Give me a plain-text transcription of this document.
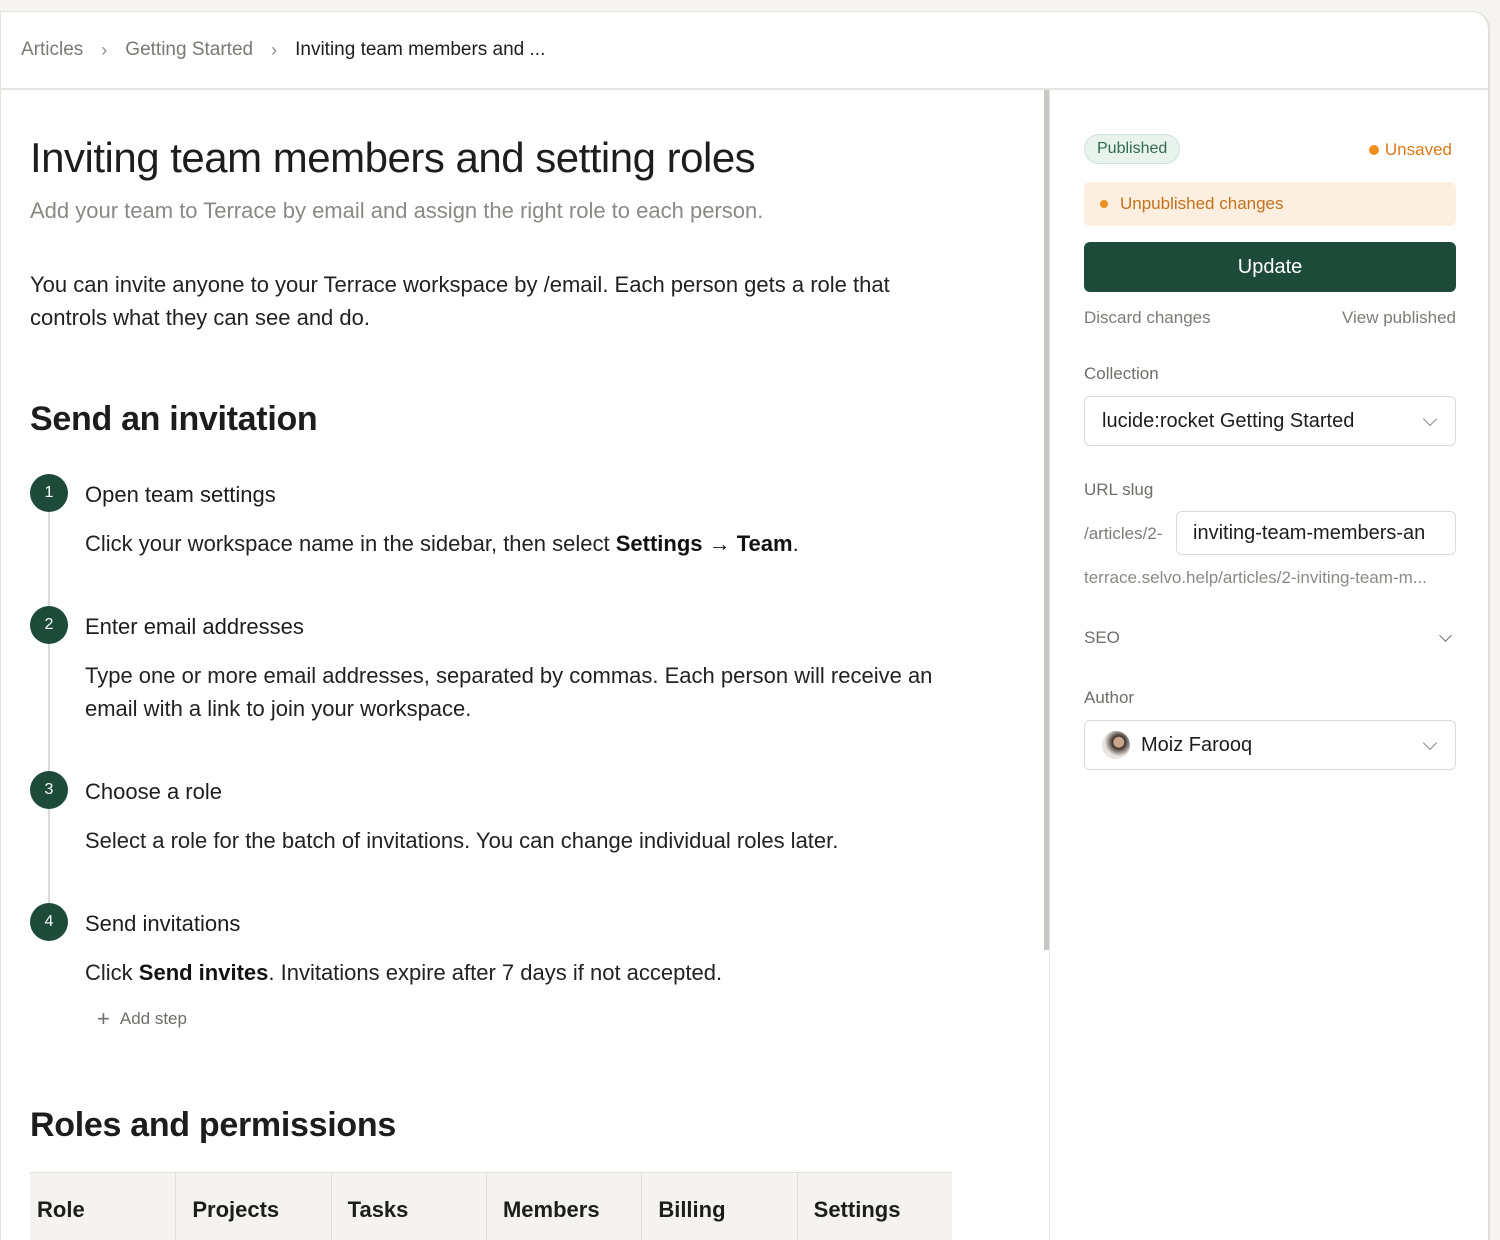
Articles › Getting Started › Inviting team members and ...
Inviting team members and setting roles
Add your team to Terrace by email and assign the right role to each person.

You can invite anyone to your Terrace workspace by /email. Each person gets a role that controls what they can see and do.

Send an invitation
1	Open team settings
Click your workspace name in the sidebar, then select Settings → Team.
2	Enter email addresses
Type one or more email addresses, separated by commas. Each person will receive an email with a link to join your workspace.
3	Choose a role
Select a role for the batch of invitations. You can change individual roles later.
4	Send invitations
Click Send invites. Invitations expire after 7 days if not accepted.
+ Add step
Roles and permissions
Role	Projects	Tasks	Members	Billing	Settings
Published	Unsaved
Unpublished changes
Update
Discard changes	View published
Collection
lucide:rocket Getting Started
URL slug
/articles/2-
inviting-team-members-an
terrace.selvo.help/articles/2-inviting-team-m...
SEO
Author
Moiz Farooq
